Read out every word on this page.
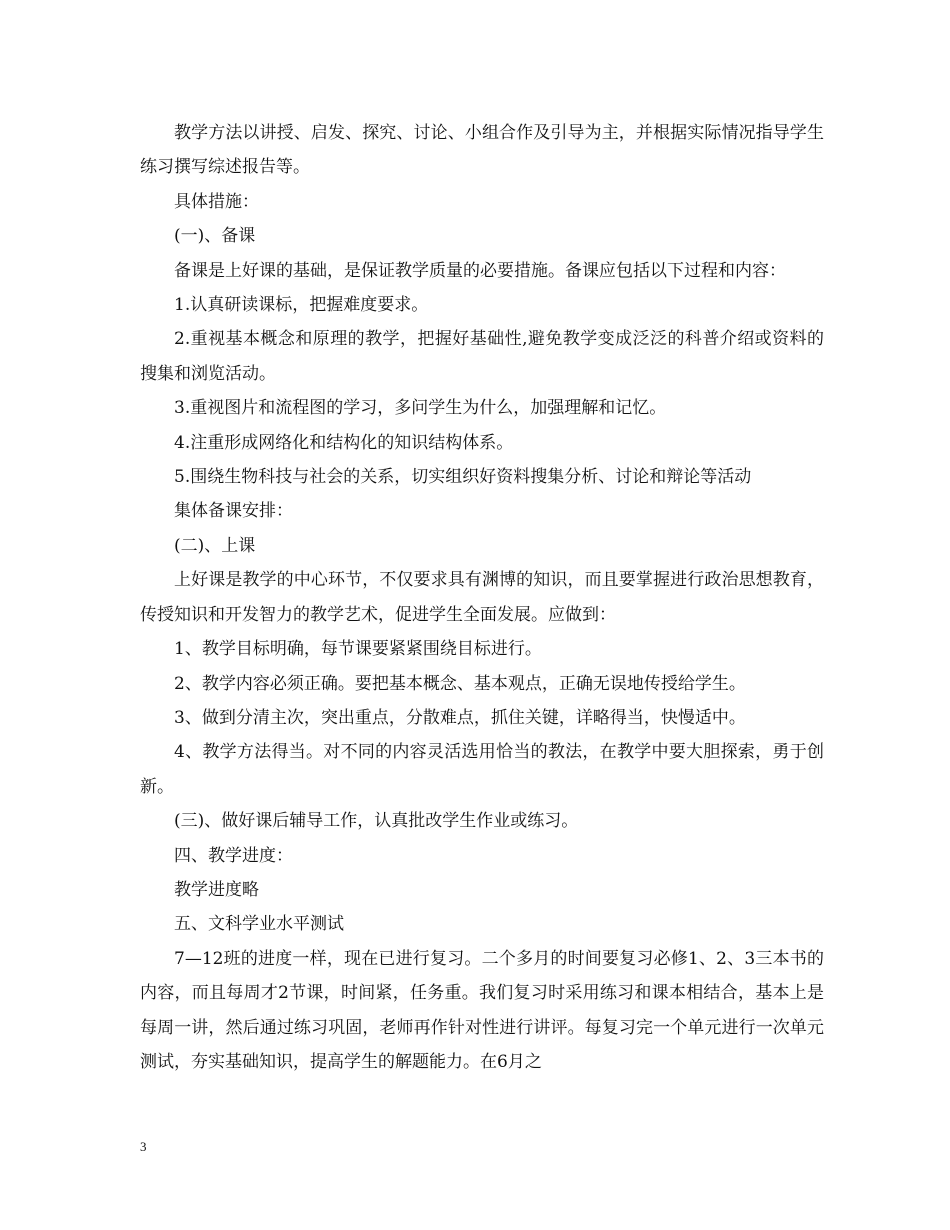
教学方法以讲授、启发、探究、讨论、小组合作及引导为主，并根据实际情况指导学生练习撰写综述报告等。

具体措施：

(一)、备课

备课是上好课的基础，是保证教学质量的必要措施。备课应包括以下过程和内容：

1.认真研读课标，把握难度要求。

2.重视基本概念和原理的教学，把握好基础性,避免教学变成泛泛的科普介绍或资料的搜集和浏览活动。

3.重视图片和流程图的学习，多问学生为什么，加强理解和记忆。

4.注重形成网络化和结构化的知识结构体系。

5.围绕生物科技与社会的关系，切实组织好资料搜集分析、讨论和辩论等活动

集体备课安排：

(二)、上课

上好课是教学的中心环节，不仅要求具有渊博的知识，而且要掌握进行政治思想教育，传授知识和开发智力的教学艺术，促进学生全面发展。应做到：

1、教学目标明确，每节课要紧紧围绕目标进行。

2、教学内容必须正确。要把基本概念、基本观点，正确无误地传授给学生。

3、做到分清主次，突出重点，分散难点，抓住关键，详略得当，快慢适中。

4、教学方法得当。对不同的内容灵活选用恰当的教法，在教学中要大胆探索，勇于创新。

(三)、做好课后辅导工作，认真批改学生作业或练习。

四、教学进度：

教学进度略

五、文科学业水平测试

7—12班的进度一样，现在已进行复习。二个多月的时间要复习必修1、2、3三本书的内容，而且每周才2节课，时间紧，任务重。我们复习时采用练习和课本相结合，基本上是每周一讲，然后通过练习巩固，老师再作针对性进行讲评。每复习完一个单元进行一次单元测试，夯实基础知识，提高学生的解题能力。在6月之

3
